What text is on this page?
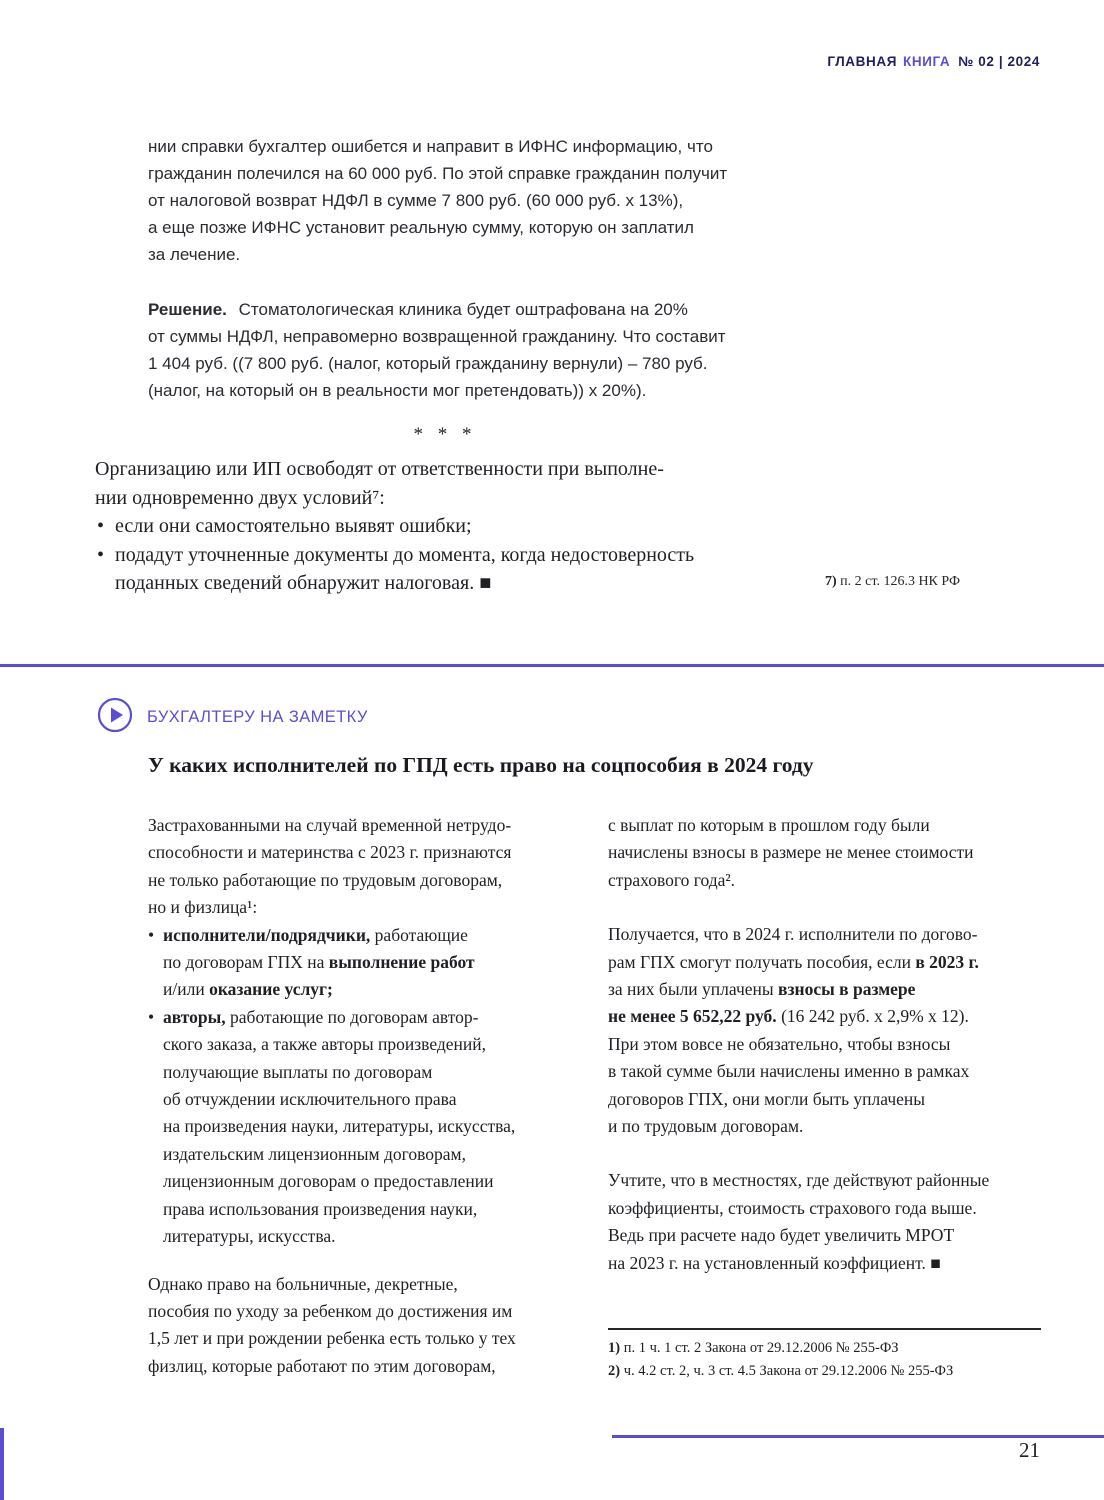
ГЛАВНАЯ КНИГА № 02 | 2024
нии справки бухгалтер ошибется и направит в ИФНС информацию, что
гражданин полечился на 60 000 руб. По этой справке гражданин получит
от налоговой возврат НДФЛ в сумме 7 800 руб. (60 000 руб. х 13%),
а еще позже ИФНС установит реальную сумму, которую он заплатил
за лечение.
Решение. Стоматологическая клиника будет оштрафована на 20%
от суммы НДФЛ, неправомерно возвращенной гражданину. Что составит
1 404 руб. ((7 800 руб. (налог, который гражданину вернули) – 780 руб.
(налог, на который он в реальности мог претендовать)) х 20%).
* * *
Организацию или ИП освободят от ответственности при выполне-
нии одновременно двух условий⁷:
• если они самостоятельно выявят ошибки;
• подадут уточненные документы до момента, когда недостоверность
поданных сведений обнаружит налоговая. ■	7) п. 2 ст. 126.3 НК РФ
БУХГАЛТЕРУ НА ЗАМЕТКУ
У каких исполнителей по ГПД есть право на соцпособия в 2024 году
Застрахованными на случай временной нетрудо-
способности и материнства с 2023 г. признаются
не только работающие по трудовым договорам,
но и физлица¹:
• исполнители/подрядчики, работающие
по договорам ГПХ на выполнение работ
и/или оказание услуг;
• авторы, работающие по договорам автор-
ского заказа, а также авторы произведений,
получающие выплаты по договорам
об отчуждении исключительного права
на произведения науки, литературы, искусства,
издательским лицензионным договорам,
лицензионным договорам о предоставлении
права использования произведения науки,
литературы, искусства.
Однако право на больничные, декретные,
пособия по уходу за ребенком до достижения им
1,5 лет и при рождении ребенка есть только у тех
физлиц, которые работают по этим договорам,
с выплат по которым в прошлом году были
начислены взносы в размере не менее стоимости
страхового года².
Получается, что в 2024 г. исполнители по догово-
рам ГПХ смогут получать пособия, если в 2023 г.
за них были уплачены взносы в размере
не менее 5 652,22 руб. (16 242 руб. х 2,9% х 12).
При этом вовсе не обязательно, чтобы взносы
в такой сумме были начислены именно в рамках
договоров ГПХ, они могли быть уплачены
и по трудовым договорам.
Учтите, что в местностях, где действуют районные
коэффициенты, стоимость страхового года выше.
Ведь при расчете надо будет увеличить МРОТ
на 2023 г. на установленный коэффициент. ■
1) п. 1 ч. 1 ст. 2 Закона от 29.12.2006 № 255-ФЗ
2) ч. 4.2 ст. 2, ч. 3 ст. 4.5 Закона от 29.12.2006 № 255-ФЗ
21
